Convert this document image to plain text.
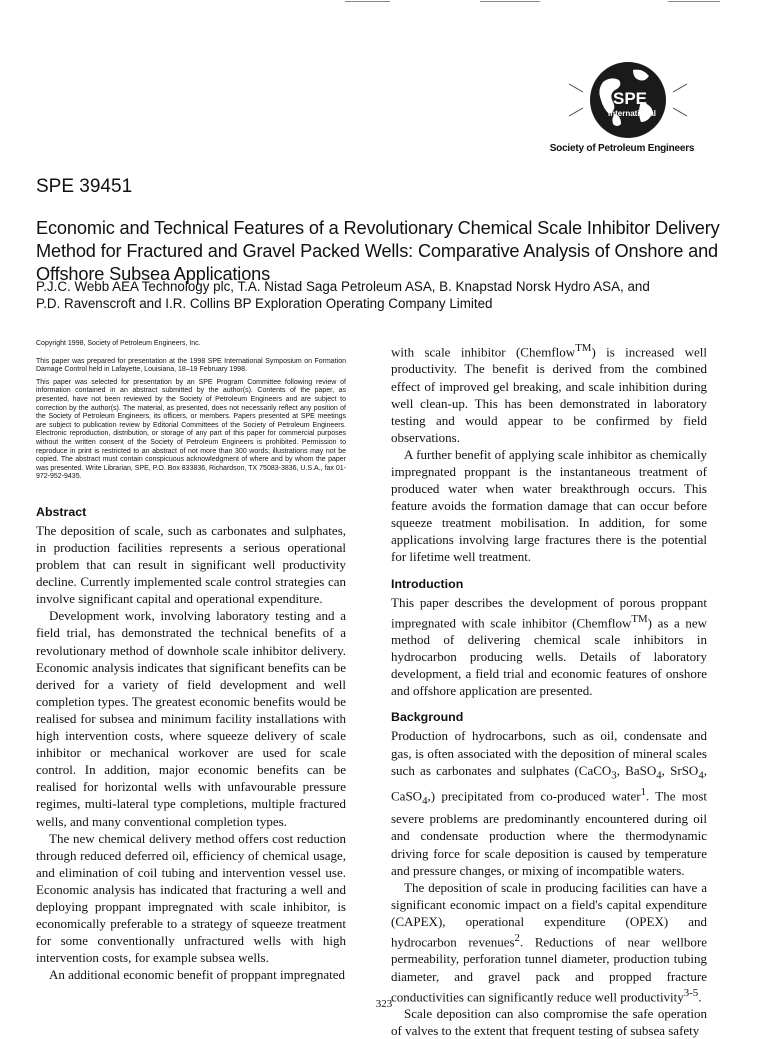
SPE
International
Society of Petroleum Engineers
SPE 39451
Economic and Technical Features of a Revolutionary Chemical Scale Inhibitor Delivery Method for Fractured and Gravel Packed Wells: Comparative Analysis of Onshore and Offshore Subsea Applications
P.J.C. Webb AEA Technology plc, T.A. Nistad Saga Petroleum ASA, B. Knapstad Norsk Hydro ASA, and
P.D. Ravenscroft and I.R. Collins BP Exploration Operating Company Limited

Copyright 1998, Society of Petroleum Engineers, Inc.

This paper was prepared for presentation at the 1998 SPE International Symposium on Formation Damage Control held in Lafayette, Louisiana, 18–19 February 1998.

This paper was selected for presentation by an SPE Program Committee following review of information contained in an abstract submitted by the author(s). Contents of the paper, as presented, have not been reviewed by the Society of Petroleum Engineers and are subject to correction by the author(s). The material, as presented, does not necessarily reflect any position of the Society of Petroleum Engineers, its officers, or members. Papers presented at SPE meetings are subject to publication review by Editorial Committees of the Society of Petroleum Engineers. Electronic reproduction, distribution, or storage of any part of this paper for commercial purposes without the written consent of the Society of Petroleum Engineers is prohibited. Permission to reproduce in print is restricted to an abstract of not more than 300 words; illustrations may not be copied. The abstract must contain conspicuous acknowledgment of where and by whom the paper was presented. Write Librarian, SPE, P.O. Box 833836, Richardson, TX 75083-3836, U.S.A., fax 01-972-952-9435.

Abstract

The deposition of scale, such as carbonates and sulphates, in production facilities represents a serious operational problem that can result in significant well productivity decline. Currently implemented scale control strategies can involve significant capital and operational expenditure.

Development work, involving laboratory testing and a field trial, has demonstrated the technical benefits of a revolutionary method of downhole scale inhibitor delivery. Economic analysis indicates that significant benefits can be derived for a variety of field development and well completion types. The greatest economic benefits would be realised for subsea and minimum facility installations with high intervention costs, where squeeze delivery of scale inhibitor or mechanical workover are used for scale control. In addition, major economic benefits can be realised for horizontal wells with unfavourable pressure regimes, multi-lateral type completions, multiple fractured wells, and many conventional completion types.

The new chemical delivery method offers cost reduction through reduced deferred oil, efficiency of chemical usage, and elimination of coil tubing and intervention vessel use. Economic analysis has indicated that fracturing a well and deploying proppant impregnated with scale inhibitor, is economically preferable to a strategy of squeeze treatment for some conventionally unfractured wells with high intervention costs, for example subsea wells.

An additional economic benefit of proppant impregnated

with scale inhibitor (Chemflow™) is increased well productivity. The benefit is derived from the combined effect of improved gel breaking, and scale inhibition during well clean-up. This has been demonstrated in laboratory testing and would appear to be confirmed by field observations.

A further benefit of applying scale inhibitor as chemically impregnated proppant is the instantaneous treatment of produced water when water breakthrough occurs. This feature avoids the formation damage that can occur before squeeze treatment mobilisation. In addition, for some applications involving large fractures there is the potential for lifetime well treatment.

Introduction

This paper describes the development of porous proppant impregnated with scale inhibitor (Chemflow™) as a new method of delivering chemical scale inhibitors in hydrocarbon producing wells. Details of laboratory development, a field trial and economic features of onshore and offshore application are presented.

Background

Production of hydrocarbons, such as oil, condensate and gas, is often associated with the deposition of mineral scales such as carbonates and sulphates (CaCO$_3$, BaSO$_4$, SrSO$_4$, CaSO$_4$,) precipitated from co-produced water$^1$. The most severe problems are predominantly encountered during oil and condensate production where the thermodynamic driving force for scale deposition is caused by temperature and pressure changes, or mixing of incompatible waters.

The deposition of scale in producing facilities can have a significant economic impact on a field's capital expenditure (CAPEX), operational expenditure (OPEX) and hydrocarbon revenues$^2$. Reductions of near wellbore permeability, perforation tunnel diameter, production tubing diameter, and gravel pack and propped fracture conductivities can significantly reduce well productivity$^{3-5}$.

Scale deposition can also compromise the safe operation of valves to the extent that frequent testing of subsea safety

323
